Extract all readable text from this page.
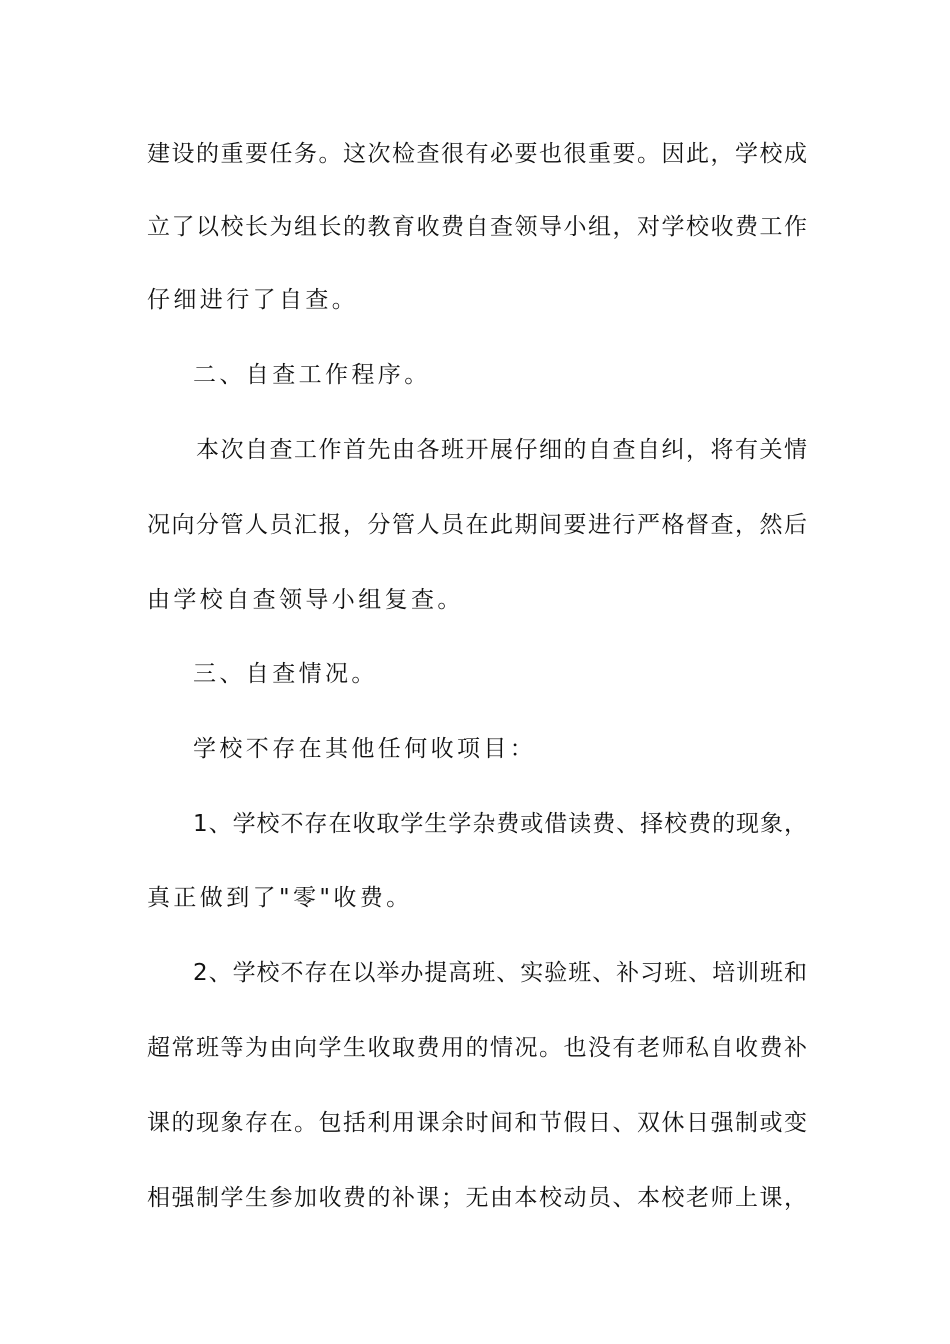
建设的重要任务。这次检查很有必要也很重要。因此，学校成
立了以校长为组长的教育收费自查领导小组，对学校收费工作
仔细进行了自查。
二、自查工作程序。
本次自查工作首先由各班开展仔细的自查自纠，将有关情
况向分管人员汇报，分管人员在此期间要进行严格督查，然后
由学校自查领导小组复查。
三、自查情况。
学校不存在其他任何收项目：
1、学校不存在收取学生学杂费或借读费、择校费的现象，
真正做到了"零"收费。
2、学校不存在以举办提高班、实验班、补习班、培训班和
超常班等为由向学生收取费用的情况。也没有老师私自收费补
课的现象存在。包括利用课余时间和节假日、双休日强制或变
相强制学生参加收费的补课；无由本校动员、本校老师上课，
